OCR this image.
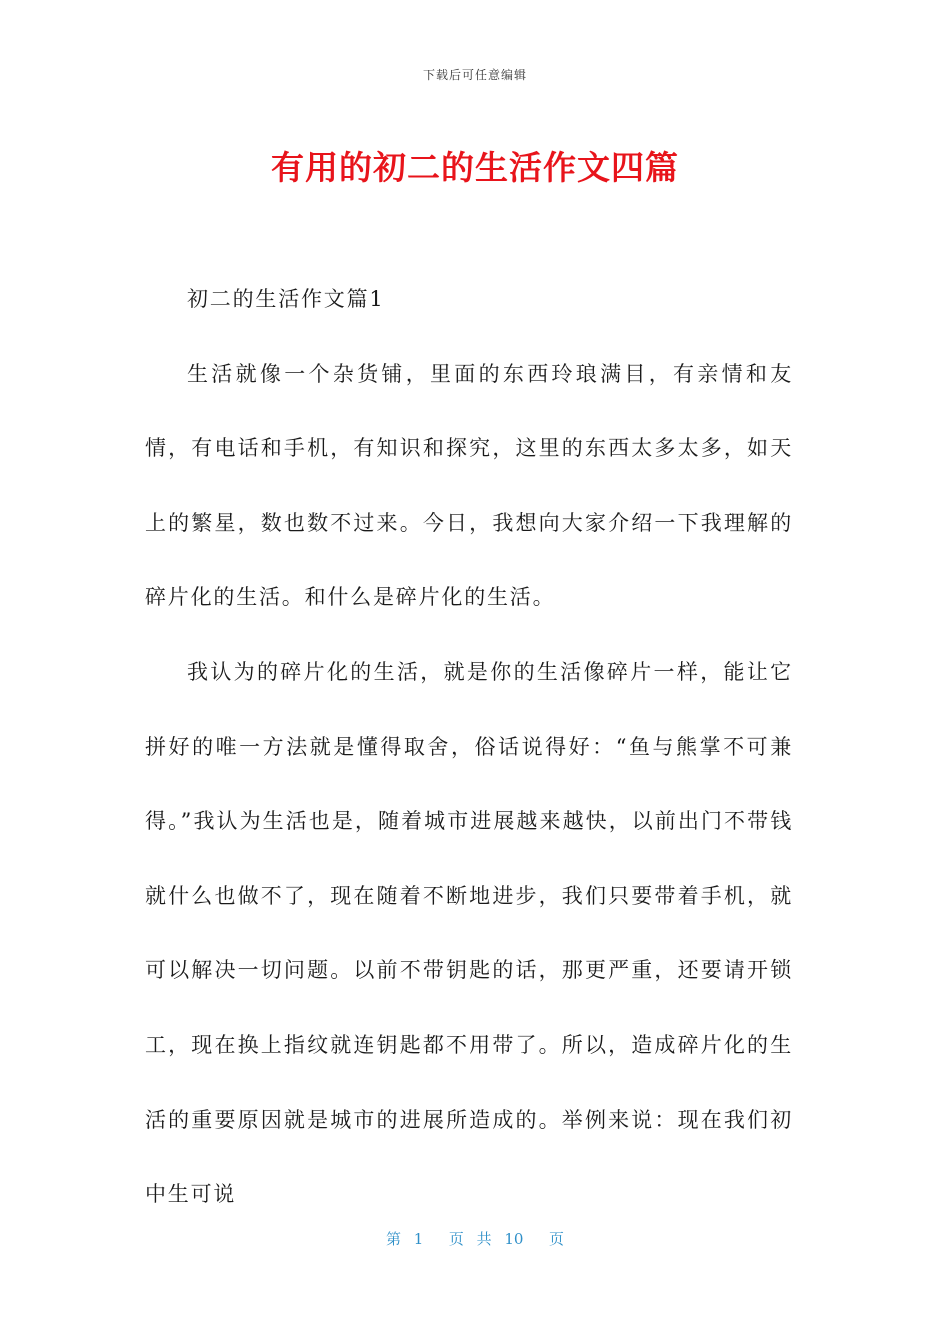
下载后可任意编辑
有用的初二的生活作文四篇

初二的生活作文篇1

生活就像一个杂货铺，里面的东西玲琅满目，有亲情和友情，有电话和手机，有知识和探究，这里的东西太多太多，如天上的繁星，数也数不过来。今日，我想向大家介绍一下我理解的碎片化的生活。和什么是碎片化的生活。

我认为的碎片化的生活，就是你的生活像碎片一样，能让它拼好的唯一方法就是懂得取舍，俗话说得好：“鱼与熊掌不可兼得。”我认为生活也是，随着城市进展越来越快，以前出门不带钱就什么也做不了，现在随着不断地进步，我们只要带着手机，就可以解决一切问题。以前不带钥匙的话，那更严重，还要请开锁工，现在换上指纹就连钥匙都不用带了。所以，造成碎片化的生活的重要原因就是城市的进展所造成的。举例来说：现在我们初中生可说

第 1 页 共 10 页
